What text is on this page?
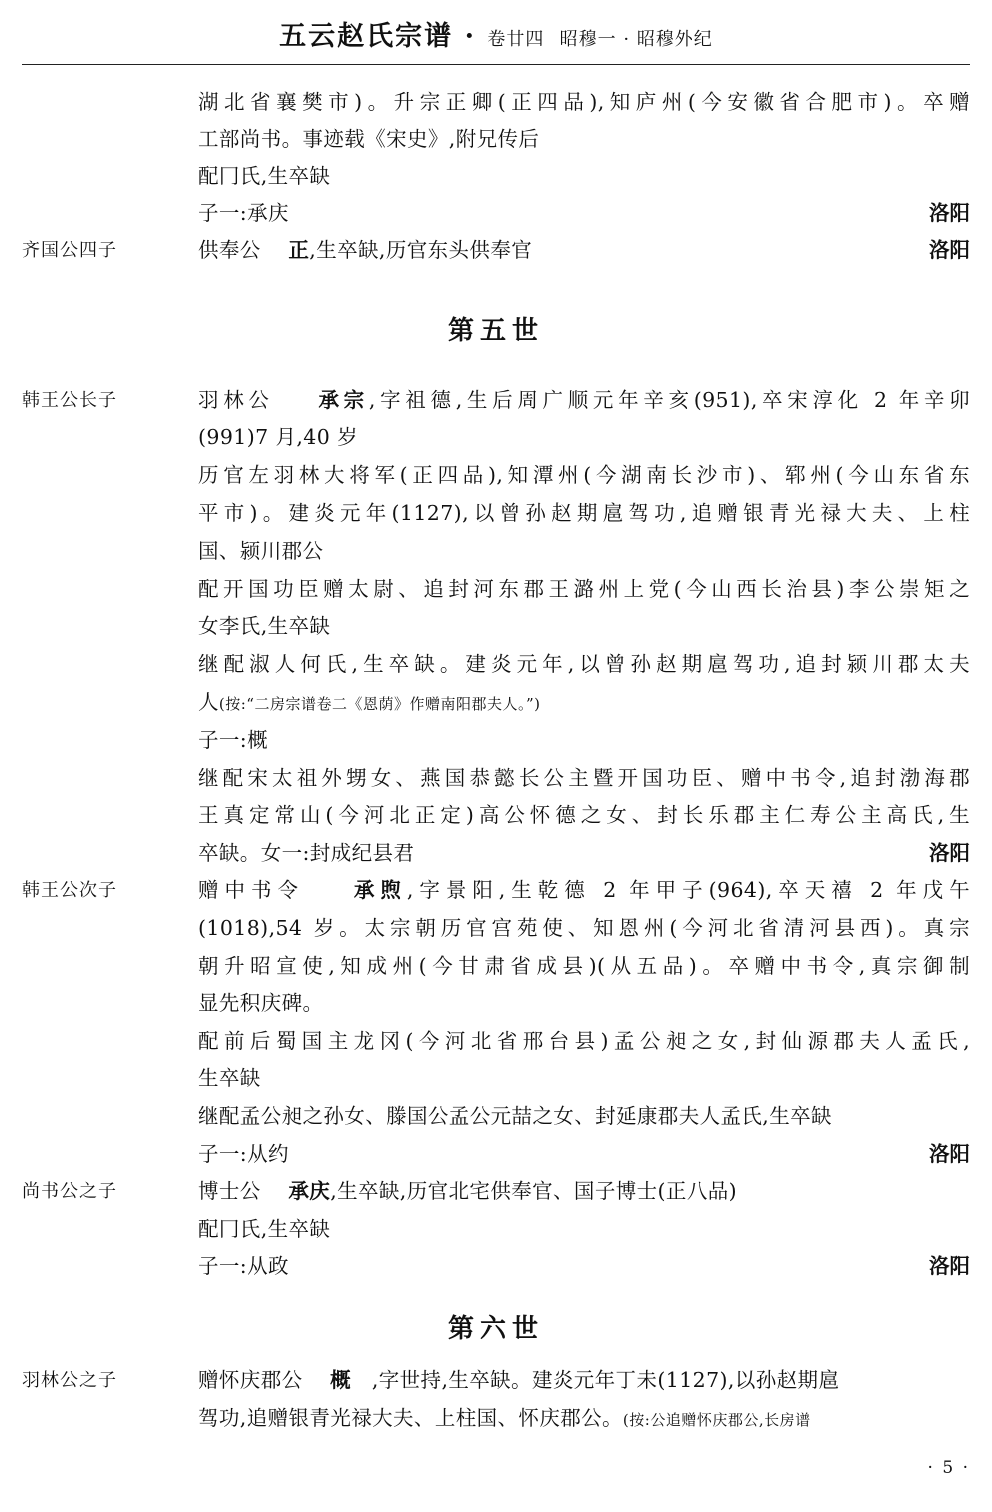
五云赵氏宗谱 · 卷廿四 昭穆一 · 昭穆外纪
湖北省襄樊市)。升宗正卿(正四品),知庐州(今安徽省合肥市)。卒赠
工部尚书。事迹载《宋史》,附兄传后
配冂氏,生卒缺
子一:承庆	洛阳
齐国公四子	供奉公 正,生卒缺,历官东头供奉官	洛阳
第五世
韩王公长子	羽林公 承宗,字祖德,生后周广顺元年辛亥(951),卒宋淳化 2 年辛卯
(991)7 月,40 岁
历官左羽林大将军(正四品),知潭州(今湖南长沙市)、郓州(今山东省东
平市)。建炎元年(1127),以曾孙赵期扈驾功,追赠银青光禄大夫、上柱
国、颍川郡公
配开国功臣赠太尉、追封河东郡王潞州上党(今山西长治县)李公崇矩之
女李氏,生卒缺
继配淑人何氏,生卒缺。建炎元年,以曾孙赵期扈驾功,追封颍川郡太夫
人(按:“二房宗谱卷二《恩荫》作赠南阳郡夫人。”)
子一:概
继配宋太祖外甥女、燕国恭懿长公主暨开国功臣、赠中书令,追封渤海郡
王真定常山(今河北正定)高公怀德之女、封长乐郡主仁寿公主高氏,生
卒缺。女一:封成纪县君	洛阳
韩王公次子	赠中书令 承煦,字景阳,生乾德 2 年甲子(964),卒天禧 2 年戊午
(1018),54 岁。太宗朝历官宫苑使、知恩州(今河北省清河县西)。真宗
朝升昭宣使,知成州(今甘肃省成县)(从五品)。卒赠中书令,真宗御制
显先积庆碑。
配前后蜀国主龙冈(今河北省邢台县)孟公昶之女,封仙源郡夫人孟氏,
生卒缺
继配孟公昶之孙女、滕国公孟公元喆之女、封延康郡夫人孟氏,生卒缺
子一:从约	洛阳
尚书公之子	博士公 承庆,生卒缺,历官北宅供奉官、国子博士(正八品)
配冂氏,生卒缺
子一:从政	洛阳
第六世
羽林公之子	赠怀庆郡公 概 ,字世持,生卒缺。建炎元年丁未(1127),以孙赵期扈
驾功,追赠银青光禄大夫、上柱国、怀庆郡公。(按:公追赠怀庆郡公,长房谱
· 5 ·
